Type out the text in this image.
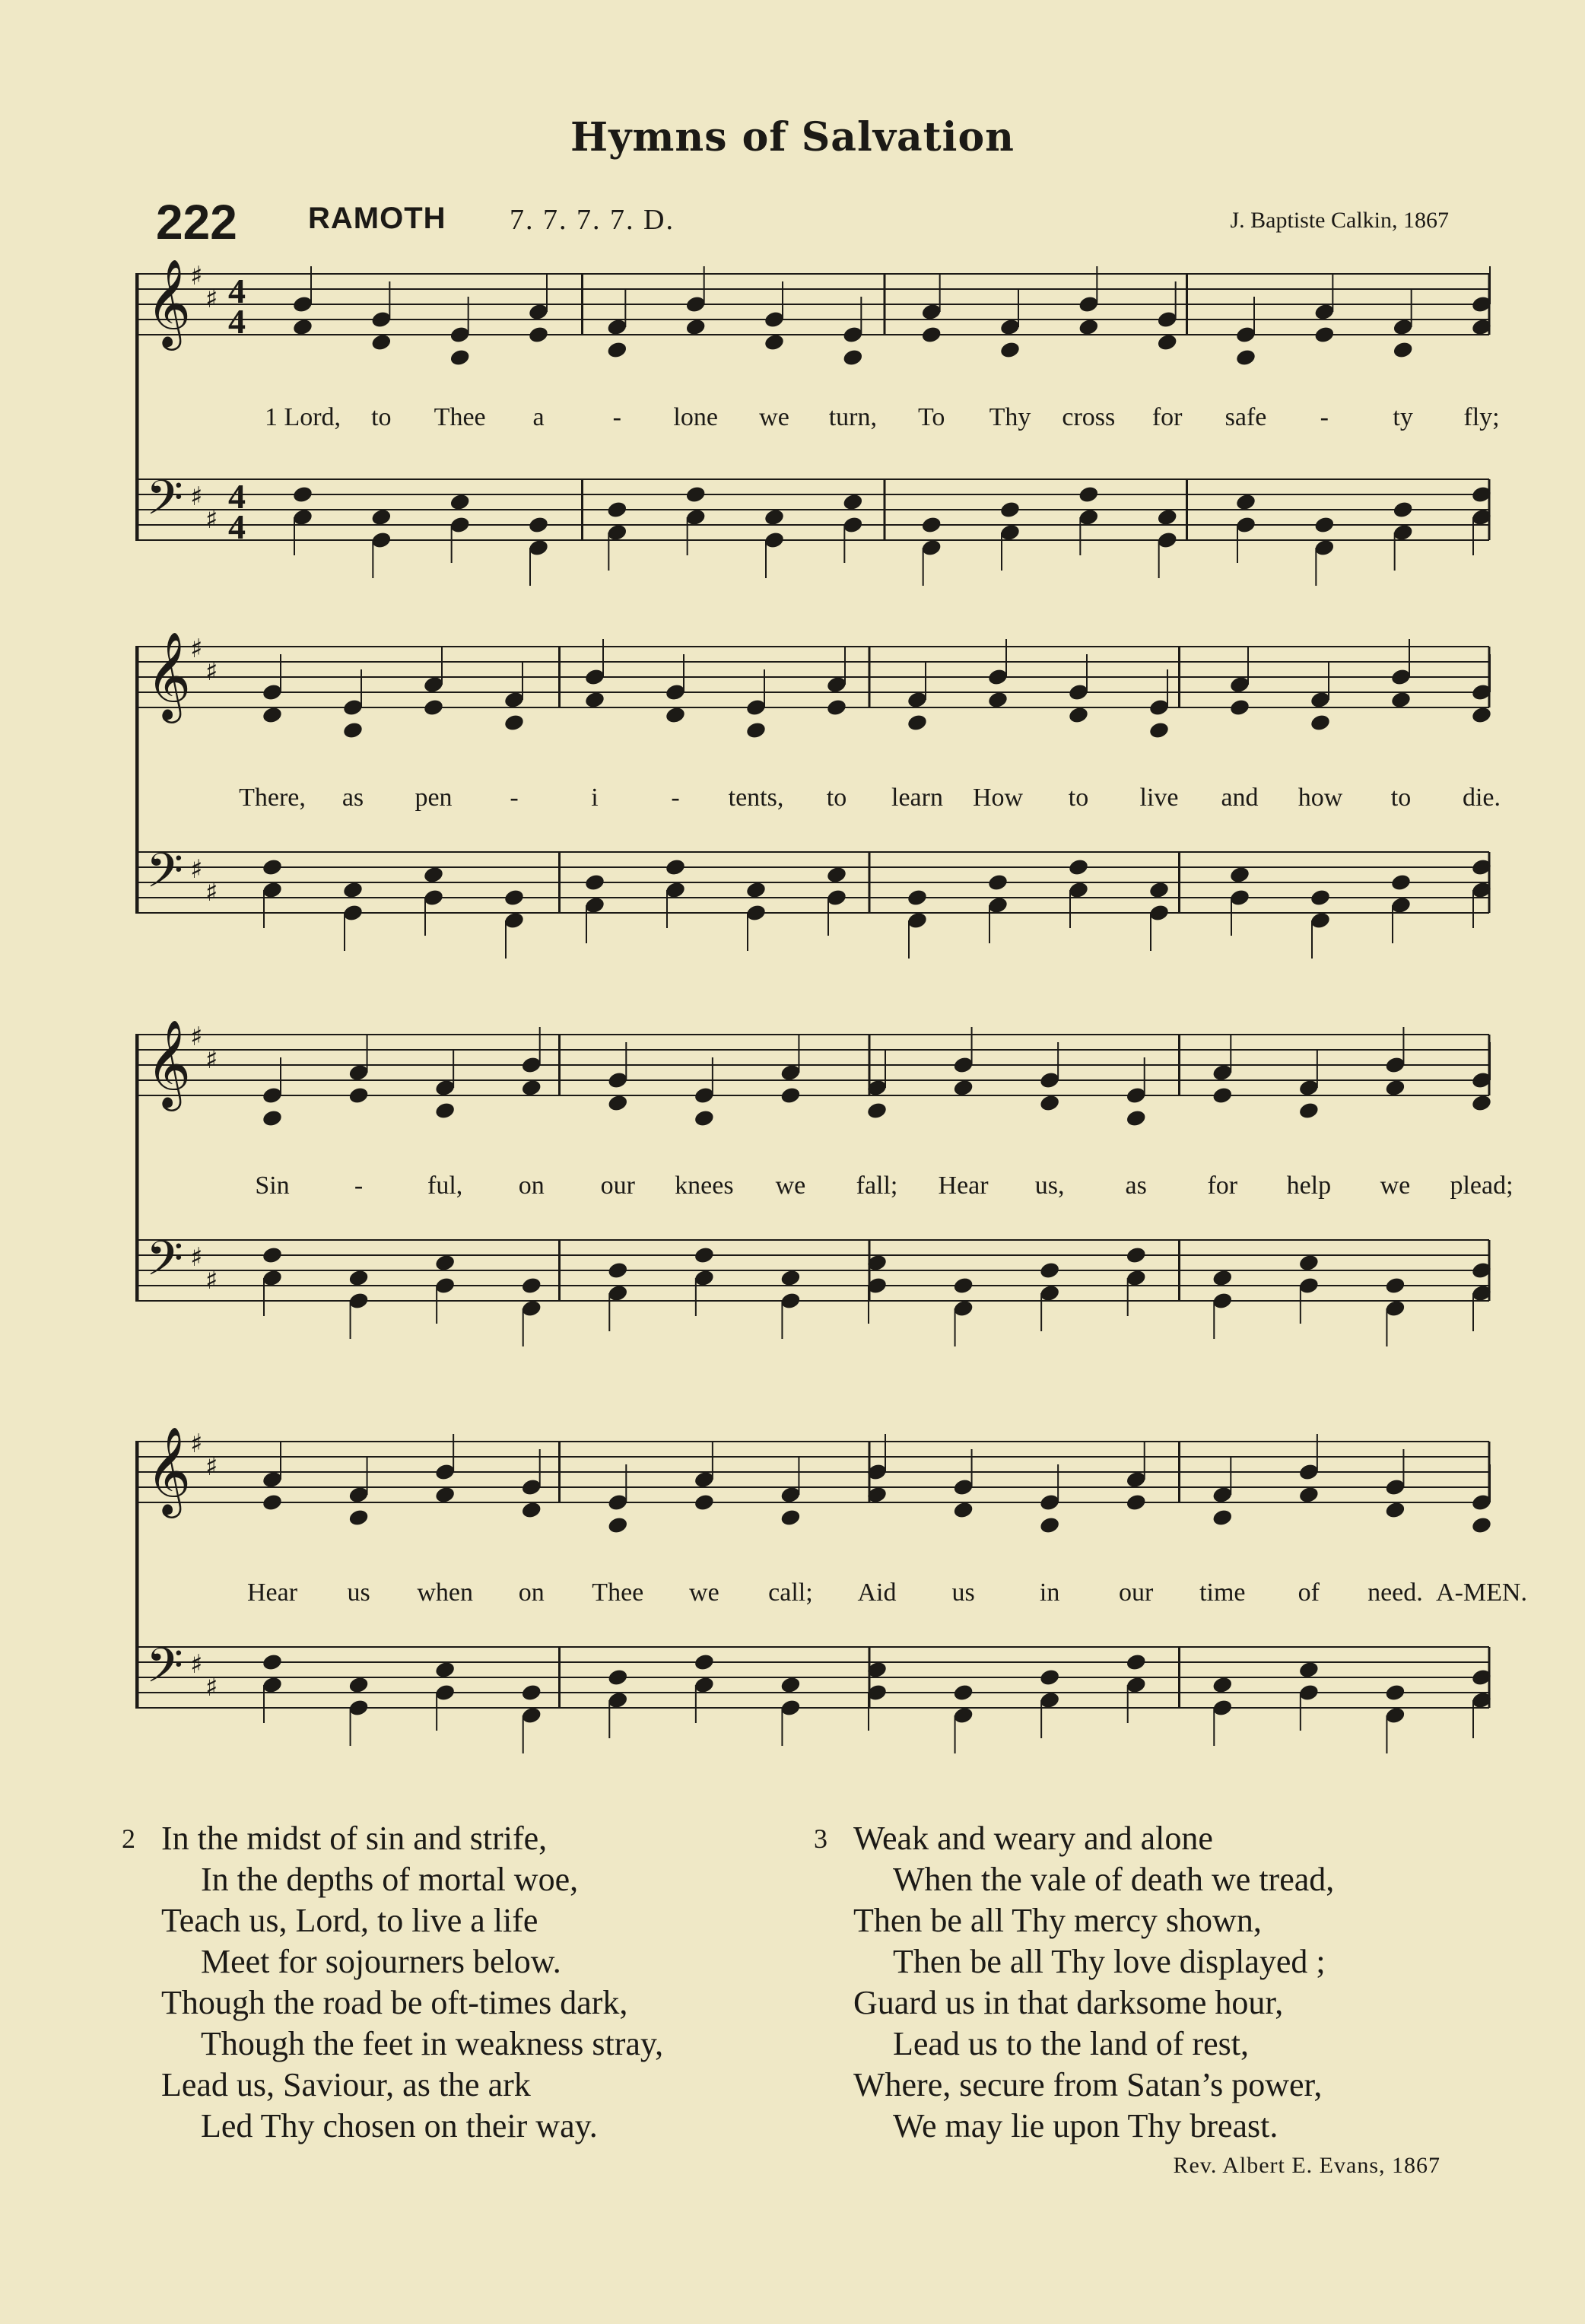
Hymns of Salvation
222 RAMOTH 7. 7. 7. 7. D.	J. Baptiste Calkin, 1867
𝄞
𝄢
♯
♯
♯
♯
4
4
4
4
1 Lord, to Thee a	- lone we turn, To Thy cross for safe - ty fly;
𝄞
𝄢
♯
♯
♯
♯
There, as pen -	i	- tents, to learn How to live and how to die.
𝄞
𝄢
♯
♯
♯
♯
Sin	- ful, on our knees we fall; Hear us, as for help we plead;
𝄞
𝄢
♯
♯
♯
♯
Hear us when on Thee we call; Aid us	in our time of need. A-MEN.
2 In the midst of sin and strife,
In the depths of mortal woe,
Teach us, Lord, to live a life
Meet for sojourners below.
Though the road be oft-times dark,
Though the feet in weakness stray,
Lead us, Saviour, as the ark
Led Thy chosen on their way.
3 Weak and weary and alone
When the vale of death we tread,
Then be all Thy mercy shown,
Then be all Thy love displayed ;
Guard us in that darksome hour,
Lead us to the land of rest,
Where, secure from Satan’s power,
We may lie upon Thy breast.
Rev. Albert E. Evans, 1867
